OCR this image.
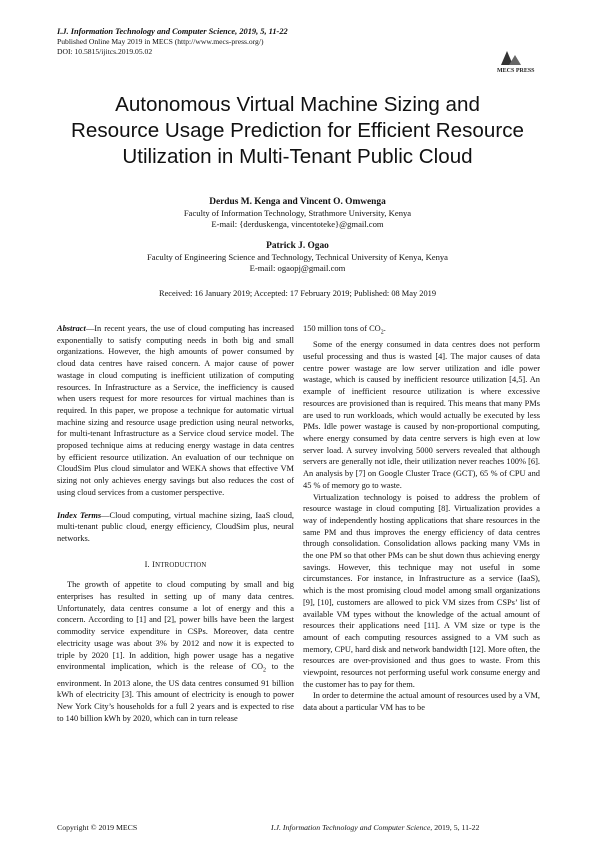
I.J. Information Technology and Computer Science, 2019, 5, 11-22
Published Online May 2019 in MECS (http://www.mecs-press.org/)
DOI: 10.5815/ijitcs.2019.05.02
MECS PRESS
Autonomous Virtual Machine Sizing and
Resource Usage Prediction for Efficient Resource
Utilization in Multi-Tenant Public Cloud
Derdus M. Kenga and Vincent O. Omwenga
Faculty of Information Technology, Strathmore University, Kenya
E-mail: {derduskenga, vincentoteke}@gmail.com
Patrick J. Ogao
Faculty of Engineering Science and Technology, Technical University of Kenya, Kenya
E-mail: ogaopj@gmail.com
Received: 16 January 2019; Accepted: 17 February 2019; Published: 08 May 2019

Abstract—In recent years, the use of cloud computing has increased exponentially to satisfy computing needs in both big and small organizations. However, the high amounts of power consumed by cloud data centres have raised concern. A major cause of power wastage in cloud computing is inefficient utilization of computing resources. In Infrastructure as a Service, the inefficiency is caused when users request for more resources for virtual machines than is required. In this paper, we propose a technique for automatic virtual machine sizing and resource usage prediction using neural networks, for multi-tenant Infrastructure as a Service cloud service model. The proposed technique aims at reducing energy wastage in data centres by efficient resource utilization. An evaluation of our technique on CloudSim Plus cloud simulator and WEKA shows that effective VM sizing not only achieves energy savings but also reduces the cost of using cloud services from a customer perspective.

Index Terms—Cloud computing, virtual machine sizing, IaaS cloud, multi-tenant public cloud, energy efficiency, CloudSim plus, neural networks.

I. INTRODUCTION

The growth of appetite to cloud computing by small and big enterprises has resulted in setting up of many data centres. Unfortunately, data centres consume a lot of energy and this a concern. According to [1] and [2], power bills have been the largest commodity service expenditure in CSPs. Moreover, data centre electricity usage was about 3% by 2012 and now it is expected to triple by 2020 [1]. In addition, high power usage has a negative environmental implication, which is the release of $CO_2$ to the environment. In 2013 alone, the US data centres consumed 91 billion kWh of electricity [3]. This amount of electricity is enough to power New York City’s households for a full 2 years and is expected to rise to 140 billion kWh by 2020, which can in turn release

150 million tons of $CO_2$.

Some of the energy consumed in data centres does not perform useful processing and thus is wasted [4]. The major causes of data centre power wastage are low server utilization and idle power wastage, which is caused by inefficient resource utilization [4,5]. An example of inefficient resource utilization is where excessive resources are provisioned than is required. This means that many PMs are used to run workloads, which would actually be executed by less PMs. Idle power wastage is caused by non-proportional computing, where energy consumed by data centre servers is high even at low server load. A survey involving 5000 servers revealed that although servers are generally not idle, their utilization never reaches 100% [6]. An analysis by [7] on Google Cluster Trace (GCT), 65 % of CPU and 45 % of memory go to waste.

Virtualization technology is poised to address the problem of resource wastage in cloud computing [8]. Virtualization provides a way of independently hosting applications that share resources in the same PM and thus improves the energy efficiency of data centres through consolidation. Consolidation allows packing many VMs in the one PM so that other PMs can be shut down thus achieving energy savings. However, this technique may not useful in some circumstances. For instance, in Infrastructure as a service (IaaS), which is the most promising cloud model among small organizations [9], [10], customers are allowed to pick VM sizes from CSPs’ list of available VM types without the knowledge of the actual amount of resources their applications need [11]. A VM size or type is the amount of each computing resources assigned to a VM such as memory, CPU, hard disk and network bandwidth [12]. More often, the resources are over-provisioned and thus goes to waste. From this viewpoint, resources not performing useful work consume energy and the customer has to pay for them.

In order to determine the actual amount of resources used by a VM, data about a particular VM has to be

Copyright © 2019 MECS	I.J. Information Technology and Computer Science, 2019, 5, 11-22
